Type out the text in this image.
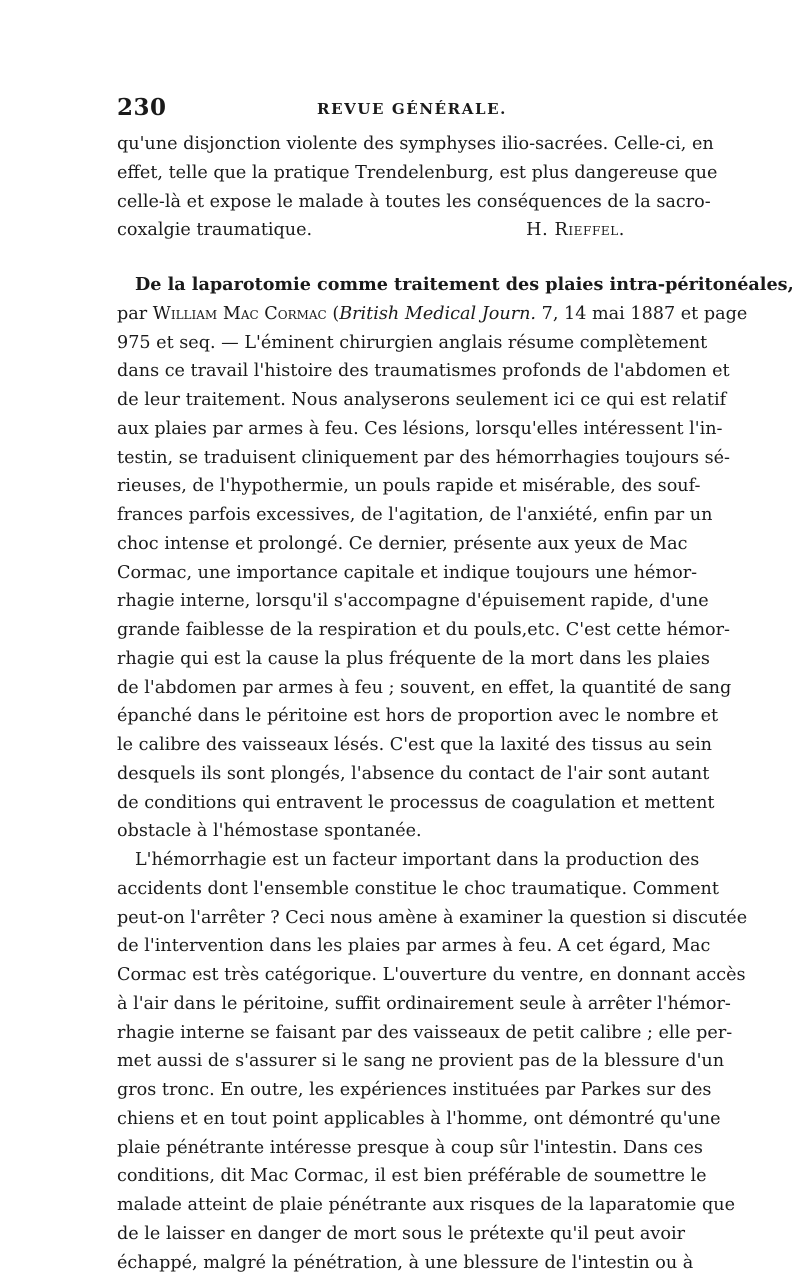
230	REVUE GÉNÉRALE.
qu'une disjonction violente des symphyses ilio-sacrées. Celle-ci, en
effet, telle que la pratique Trendelenburg, est plus dangereuse que
celle-là et expose le malade à toutes les conséquences de la sacro-
coxalgie traumatique.	H. Rieffel.
De la laparotomie comme traitement des plaies intra-péritonéales,
par William Mac Cormac (British Medical Journ. 7, 14 mai 1887 et page
975 et seq. — L'éminent chirurgien anglais résume complètement
dans ce travail l'histoire des traumatismes profonds de l'abdomen et
de leur traitement. Nous analyserons seulement ici ce qui est relatif
aux plaies par armes à feu. Ces lésions, lorsqu'elles intéressent l'in-
testin, se traduisent cliniquement par des hémorrhagies toujours sé-
rieuses, de l'hypothermie, un pouls rapide et misérable, des souf-
frances parfois excessives, de l'agitation, de l'anxiété, enfin par un
choc intense et prolongé. Ce dernier, présente aux yeux de Mac
Cormac, une importance capitale et indique toujours une hémor-
rhagie interne, lorsqu'il s'accompagne d'épuisement rapide, d'une
grande faiblesse de la respiration et du pouls,etc. C'est cette hémor-
rhagie qui est la cause la plus fréquente de la mort dans les plaies
de l'abdomen par armes à feu ; souvent, en effet, la quantité de sang
épanché dans le péritoine est hors de proportion avec le nombre et
le calibre des vaisseaux lésés. C'est que la laxité des tissus au sein
desquels ils sont plongés, l'absence du contact de l'air sont autant
de conditions qui entravent le processus de coagulation et mettent
obstacle à l'hémostase spontanée.
L'hémorrhagie est un facteur important dans la production des
accidents dont l'ensemble constitue le choc traumatique. Comment
peut-on l'arrêter ? Ceci nous amène à examiner la question si discutée
de l'intervention dans les plaies par armes à feu. A cet égard, Mac
Cormac est très catégorique. L'ouverture du ventre, en donnant accès
à l'air dans le péritoine, suffit ordinairement seule à arrêter l'hémor-
rhagie interne se faisant par des vaisseaux de petit calibre ; elle per-
met aussi de s'assurer si le sang ne provient pas de la blessure d'un
gros tronc. En outre, les expériences instituées par Parkes sur des
chiens et en tout point applicables à l'homme, ont démontré qu'une
plaie pénétrante intéresse presque à coup sûr l'intestin. Dans ces
conditions, dit Mac Cormac, il est bien préférable de soumettre le
malade atteint de plaie pénétrante aux risques de la laparatomie que
de le laisser en danger de mort sous le prétexte qu'il peut avoir
échappé, malgré la pénétration, à une blessure de l'intestin ou à
